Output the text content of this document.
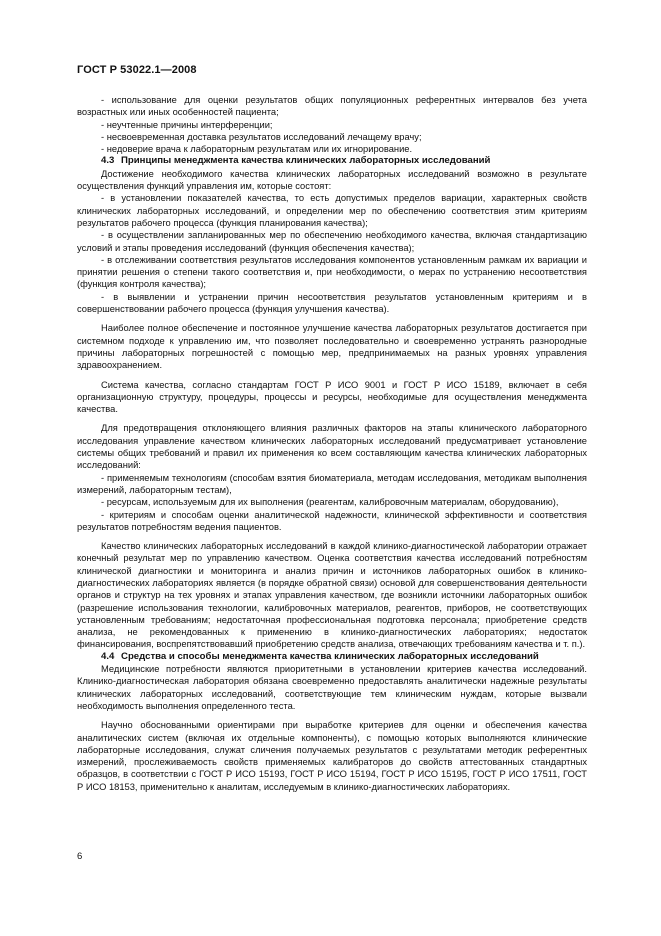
ГОСТ Р 53022.1—2008

- использование для оценки результатов общих популяционных референтных интервалов без учета возрастных или иных особенностей пациента;

- неучтенные причины интерференции;

- несвоевременная доставка результатов исследований лечащему врачу;

- недоверие врача к лабораторным результатам или их игнорирование.

4.3 Принципы менеджмента качества клинических лабораторных исследований

Достижение необходимого качества клинических лабораторных исследований возможно в результате осуществления функций управления им, которые состоят:

- в установлении показателей качества, то есть допустимых пределов вариации, характерных свойств клинических лабораторных исследований, и определении мер по обеспечению соответствия этим критериям результатов рабочего процесса (функция планирования качества);

- в осуществлении запланированных мер по обеспечению необходимого качества, включая стандартизацию условий и этапы проведения исследований (функция обеспечения качества);

- в отслеживании соответствия результатов исследования компонентов установленным рамкам их вариации и принятии решения о степени такого соответствия и, при необходимости, о мерах по устранению несоответствия (функция контроля качества);

- в выявлении и устранении причин несоответствия результатов установленным критериям и в совершенствовании рабочего процесса (функция улучшения качества).

Наиболее полное обеспечение и постоянное улучшение качества лабораторных результатов достигается при системном подходе к управлению им, что позволяет последовательно и своевременно устранять разнородные причины лабораторных погрешностей с помощью мер, предпринимаемых на разных уровнях управления здравоохранением.

Система качества, согласно стандартам ГОСТ Р ИСО 9001 и ГОСТ Р ИСО 15189, включает в себя организационную структуру, процедуры, процессы и ресурсы, необходимые для осуществления менеджмента качества.

Для предотвращения отклоняющего влияния различных факторов на этапы клинического лабораторного исследования управление качеством клинических лабораторных исследований предусматривает установление системы общих требований и правил их применения ко всем составляющим качества клинических лабораторных исследований:

- применяемым технологиям (способам взятия биоматериала, методам исследования, методикам выполнения измерений, лабораторным тестам),

- ресурсам, используемым для их выполнения (реагентам, калибровочным материалам, оборудованию),

- критериям и способам оценки аналитической надежности, клинической эффективности и соответствия результатов потребностям ведения пациентов.

Качество клинических лабораторных исследований в каждой клинико-диагностической лаборатории отражает конечный результат мер по управлению качеством. Оценка соответствия качества исследований потребностям клинической диагностики и мониторинга и анализ причин и источников лабораторных ошибок в клинико-диагностических лабораториях является (в порядке обратной связи) основой для совершенствования деятельности органов и структур на тех уровнях и этапах управления качеством, где возникли источники лабораторных ошибок (разрешение использования технологии, калибровочных материалов, реагентов, приборов, не соответствующих установленным требованиям; недостаточная профессиональная подготовка персонала; приобретение средств анализа, не рекомендованных к применению в клинико-диагностических лабораториях; недостаток финансирования, воспрепятствовавший приобретению средств анализа, отвечающих требованиям качества и т. п.).

4.4 Средства и способы менеджмента качества клинических лабораторных исследований

Медицинские потребности являются приоритетными в установлении критериев качества исследований. Клинико-диагностическая лаборатория обязана своевременно предоставлять аналитически надежные результаты клинических лабораторных исследований, соответствующие тем клиническим нуждам, которые вызвали необходимость выполнения определенного теста.

Научно обоснованными ориентирами при выработке критериев для оценки и обеспечения качества аналитических систем (включая их отдельные компоненты), с помощью которых выполняются клинические лабораторные исследования, служат сличения получаемых результатов с результатами методик референтных измерений, прослеживаемость свойств применяемых калибраторов до свойств аттестованных стандартных образцов, в соответствии с ГОСТ Р ИСО 15193, ГОСТ Р ИСО 15194, ГОСТ Р ИСО 15195, ГОСТ Р ИСО 17511, ГОСТ Р ИСО 18153, применительно к аналитам, исследуемым в клинико-диагностических лабораториях.

6
